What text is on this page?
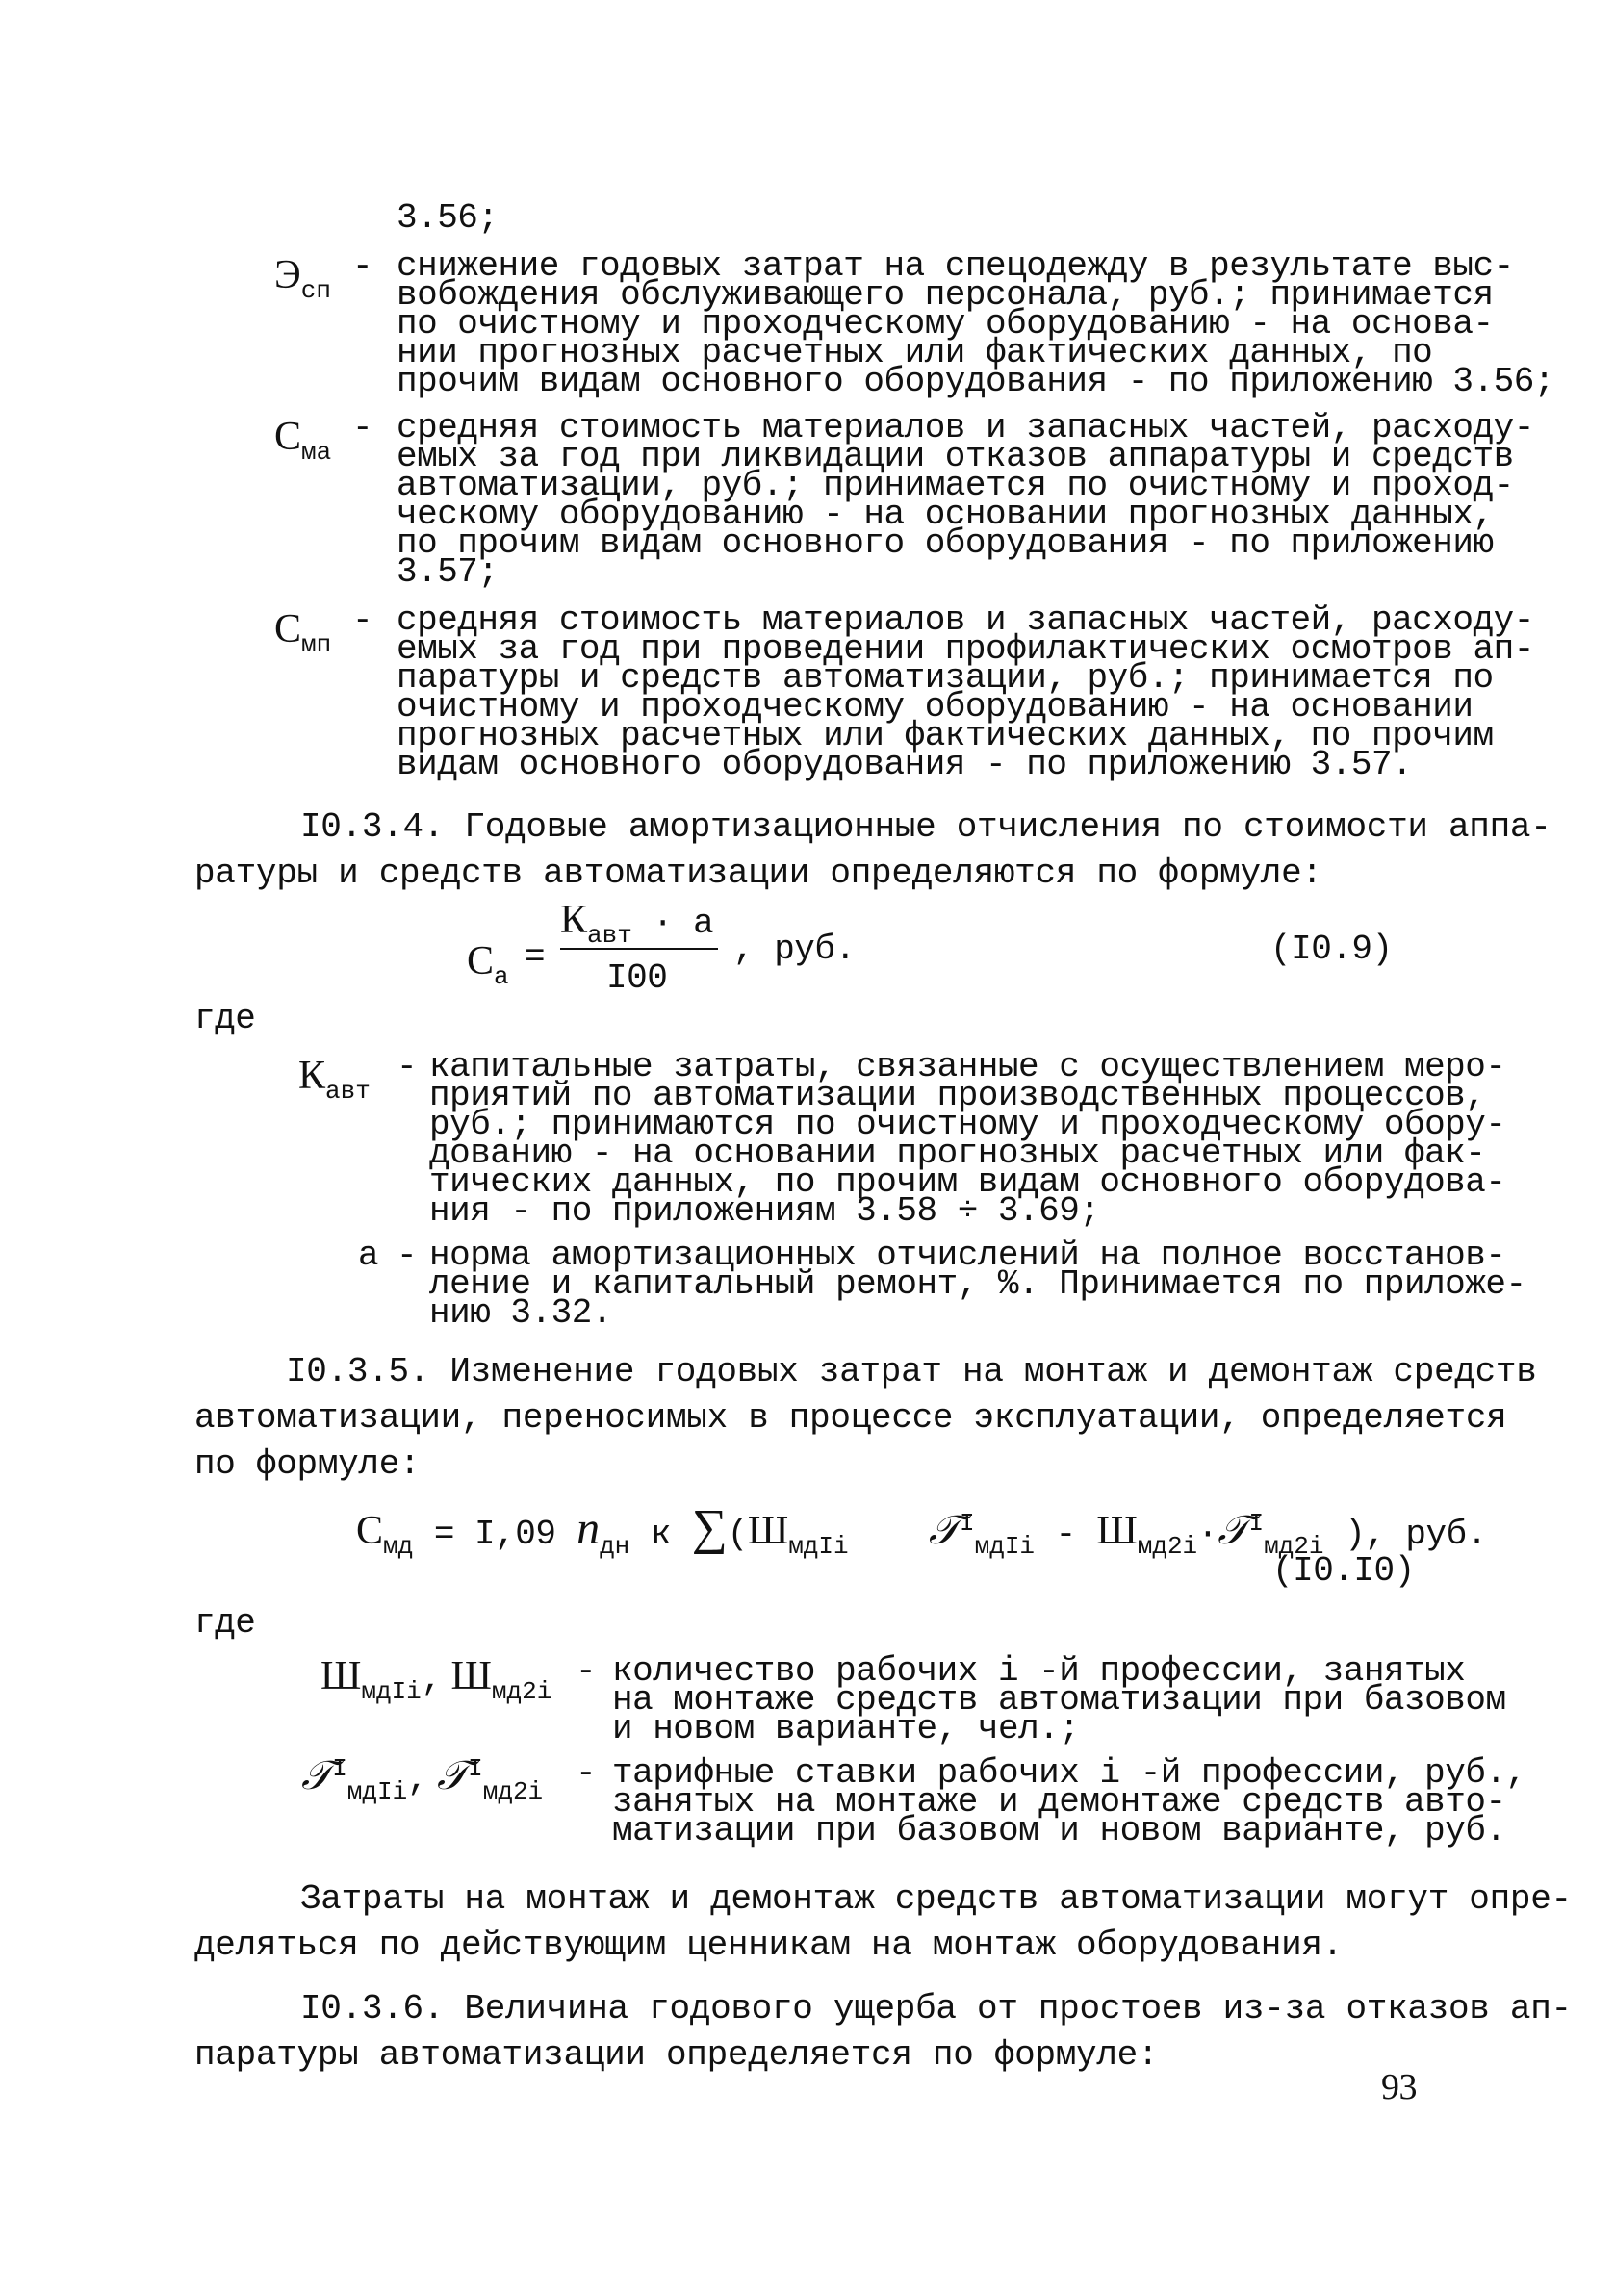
3.56;
$Э_{сп}$
- снижение годовых затрат на спецодежду в результате выс-
вобождения обслуживающего персонала, руб.; принимается
по очистному и проходческому оборудованию - на основа-
нии прогнозных расчетных или фактических данных, по
прочим видам основного оборудования - по приложению 3.56;
$С_{ма}$
- средняя стоимость материалов и запасных частей, расходу-
емых за год при ликвидации отказов аппаратуры и средств
автоматизации, руб.; принимается по очистному и проход-
ческому оборудованию - на основании прогнозных данных,
по прочим видам основного оборудования - по приложению
3.57;
$С_{мп}$
- средняя стоимость материалов и запасных частей, расходу-
емых за год при проведении профилактических осмотров ап-
паратуры и средств автоматизации, руб.; принимается по
очистному и проходческому оборудованию - на основании
прогнозных расчетных или фактических данных, по прочим
видам основного оборудования - по приложению 3.57.
I0.3.4. Годовые амортизационные отчисления по стоимости аппа-
ратуры и средств автоматизации определяются по формуле:
$С_а$ =
$К_{авт} \cdot а$
I00
, руб.	(I0.9)
где
$К_{авт}$
- капитальные затраты, связанные с осуществлением меро-
приятий по автоматизации производственных процессов,
руб.; принимаются по очистному и проходческому обору-
дованию - на основании прогнозных расчетных или фак-
тических данных, по прочим видам основного оборудова-
ния - по приложениям 3.58 ÷ 3.69;
а - норма амортизационных отчислений на полное восстанов-
ление и капитальный ремонт, %. Принимается по приложе-
нию 3.32.
I0.3.5. Изменение годовых затрат на монтаж и демонтаж средств
автоматизации, переносимых в процессе эксплуатации, определяется
по формуле:
$С_{мд} = I,09$ $n_{дн}$ к $\sum(Ш_{мдIi}$ 𝒯$^I_{мдIi}$ - $Ш_{мд2i}\cdot 𝒯^I_{мд2i}$ ), руб.
(I0.I0)
где
$Ш_{мдIi}$, $Ш_{мд2i}$
- количество рабочих i -й профессии, занятых
на монтаже средств автоматизации при базовом
и новом варианте, чел.;
𝒯$^I_{мдIi}$, 𝒯$^I_{мд2i}$ - тарифные ставки рабочих i -й профессии, руб.,
занятых на монтаже и демонтаже средств авто-
матизации при базовом и новом варианте, руб.
Затраты на монтаж и демонтаж средств автоматизации могут опре-
деляться по действующим ценникам на монтаж оборудования.
I0.3.6. Величина годового ущерба от простоев из-за отказов ап-
паратуры автоматизации определяется по формуле:
93
